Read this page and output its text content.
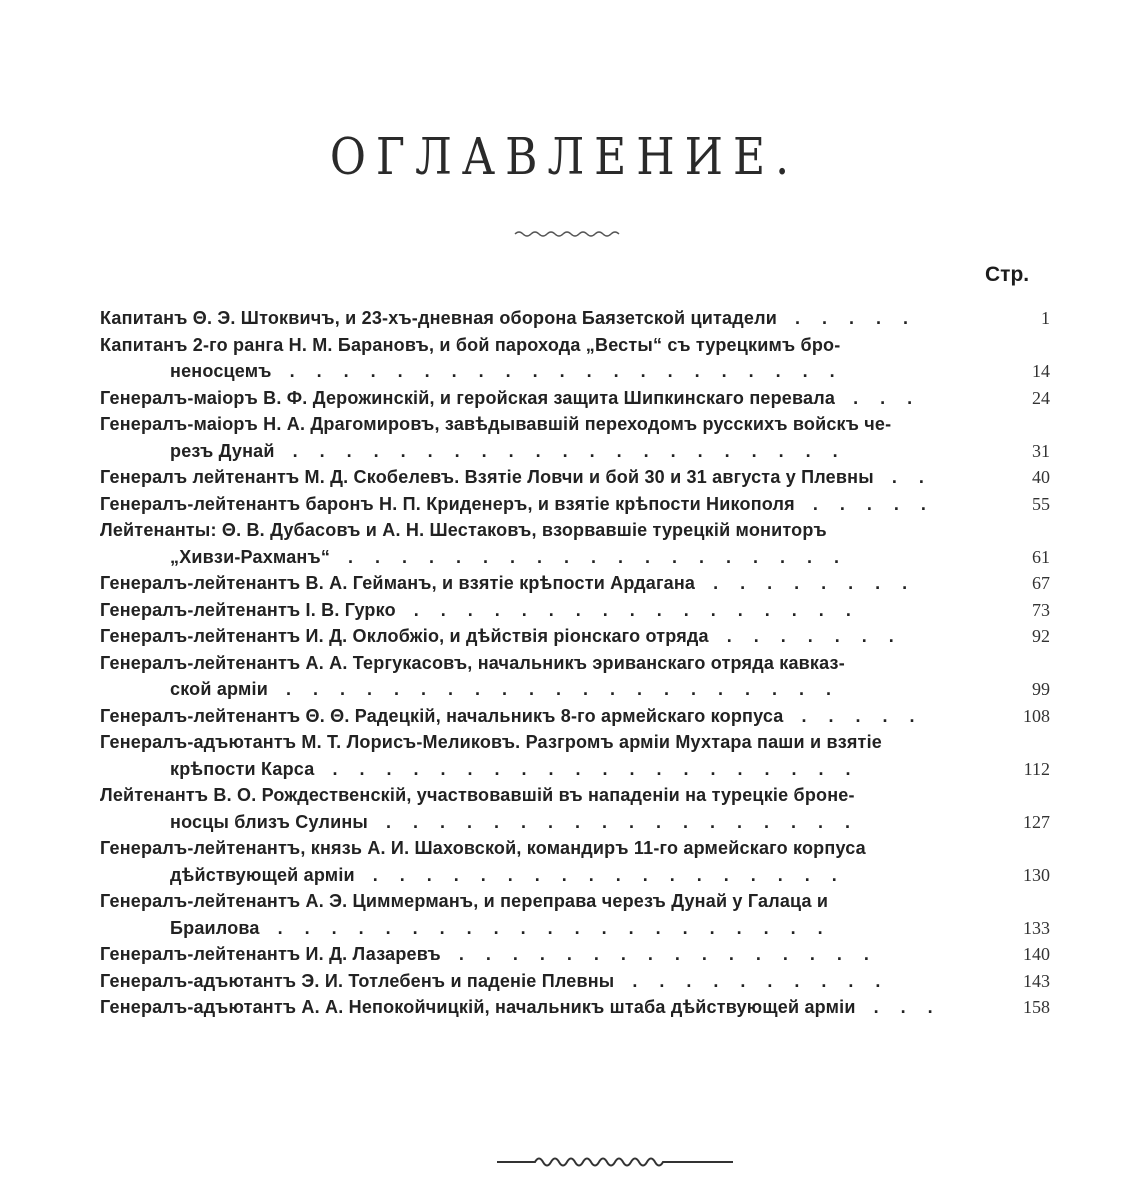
ОГЛАВЛЕНИЕ.
Стр.
Капитанъ Θ. Э. Штоквичъ, и 23-хъ-дневная оборона Баязетской цитадели .....	1
Капитанъ 2-го ранга Н. М. Барановъ, и бой парохода „Весты“ съ турецкимъ бро-
неносцемъ .....................	14
Генералъ-маiоръ В. Ф. Дерожинскiй, и геройская защита Шипкинскаго перевала ...	24
Генералъ-маiоръ Н. А. Драгомировъ, завѣдывавшiй переходомъ русскихъ войскъ че-
резъ Дунай .....................	31
Генералъ лейтенантъ М. Д. Скобелевъ. Взятiе Ловчи и бой 30 и 31 августа у Плевны ..	40
Генералъ-лейтенантъ баронъ Н. П. Криденеръ, и взятiе крѣпости Никополя .....	55
Лейтенанты: Θ. В. Дубасовъ и А. Н. Шестаковъ, взорвавшiе турецкiй мониторъ
„Хивзи-Рахманъ“ ...................	61
Генералъ-лейтенантъ В. А. Гейманъ, и взятiе крѣпости Ардагана ........	67
Генералъ-лейтенантъ I. В. Гурко .................	73
Генералъ-лейтенантъ И. Д. Оклобжiо, и дѣйствiя рiонскаго отряда .......	92
Генералъ-лейтенантъ А. А. Тергукасовъ, начальникъ эриванскаго отряда кавказ-
ской армiи .....................	99
Генералъ-лейтенантъ Θ. Θ. Радецкiй, начальникъ 8-го армейскаго корпуса .....	108
Генералъ-адъютантъ М. Т. Лорисъ-Меликовъ. Разгромъ армiи Мухтара паши и взятiе
крѣпости Карса ....................	112
Лейтенантъ В. О. Рождественскiй, участвовавшiй въ нападенiи на турецкiе броне-
носцы близъ Сулины ..................	127
Генералъ-лейтенантъ, князь А. И. Шаховской, командиръ 11-го армейскаго корпуса
дѣйствующей армiи ..................	130
Генералъ-лейтенантъ А. Э. Циммерманъ, и переправа черезъ Дунай у Галаца и
Браилова .....................	133
Генералъ-лейтенантъ И. Д. Лазаревъ ................	140
Генералъ-адъютантъ Э. И. Тотлебенъ и паденiе Плевны ..........	143
Генералъ-адъютантъ А. А. Непокойчицкiй, начальникъ штаба дѣйствующей армiи ...	158
